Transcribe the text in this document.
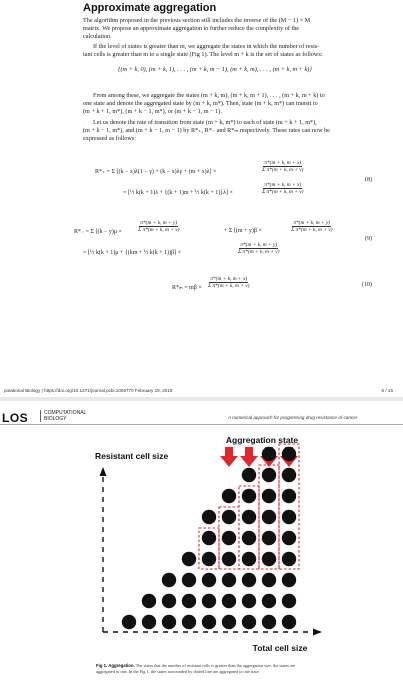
Approximate aggregation

The algorithm proposed in the previous section still includes the inverse of the (M − 1) × M

matrix. We propose an approximate aggregation to further reduce the complexity of the

calculation.

If the level of states is greater than m, we aggregate the states in which the number of resis-

tant cells is greater than m to a single state (Fig 1). The level m + k is the set of states as follows:

{(m + k, 0), (m + k, 1), . . . , (m + k, m − 1), (m + k, m), . . . , (m + k, m + k)}

From among these, we aggregate the states (m + k, m), (m + k, m + 1), . . . , (m + k, m + k) to

one state and denote the aggregated state by (m + k, m*). Then, state (m + k, m*) can transit to

(m + k + 1, m*), (m + k − 1, m*), or (m + k − 1, m − 1).

Let us denote the rate of transition from state (m + k, m*) to each of state (m + k + 1, m*),

(m + k − 1, m*), and (m + k − 1, m − 1) by R*₊, R*₋ and R*ₘ respectively. These rates can now be

expressed as follows:

R*₊ = Σ [(k − x)λ(1 − γ) + (k − x)λγ + (m + x)λ] ×	$\frac{\pi*(m + k, m + x)}{\text{Σ π*(m + k, m + v)}}$
= [½ k(k + 1)λ + {(k + 1)m + ½ k(k + 1)}λ] ×	$\frac{\pi*(m + k, m + x)}{\text{Σ π*(m + k, m + v)}}$
(8)
R*₋ = Σ [(k − y)μ ×	$\frac{\pi*(m + k, m + y)}{\text{Σ π*(m + k, m + v)}}$	+ Σ [(m + y)β ×	$\frac{\pi*(m + k, m + y)}{\text{Σ π*(m + k, m + v)}}$
(9)
= [½ k(k + 1)μ + {(km + ½ k(k + 1))β] ×	$\frac{\pi*(m + k, m + y)}{\text{Σ π*(m + k, m + v)}}$
$R*_m = m\beta \times \frac{\pi*(m + k, m + x)}{\text{Σ π*(m + k, m + v)}}$	(10)
putational Biology | https://doi.org/10.1371/journal.pcbi.1006770 February 19, 2019	6 / 15
LOS	COMPUTATIONAL
BIOLOGY	A numerical approach for progressing drug resistance of cancer
Aggregation state
Resistant cell size
Total cell size

Fig 1. Aggregation. The states that the number of resistant cells is greater than the aggregation size, the states are

aggregated to one. In the Fig 1, the states surrounded by dotted line are aggregated to one state
